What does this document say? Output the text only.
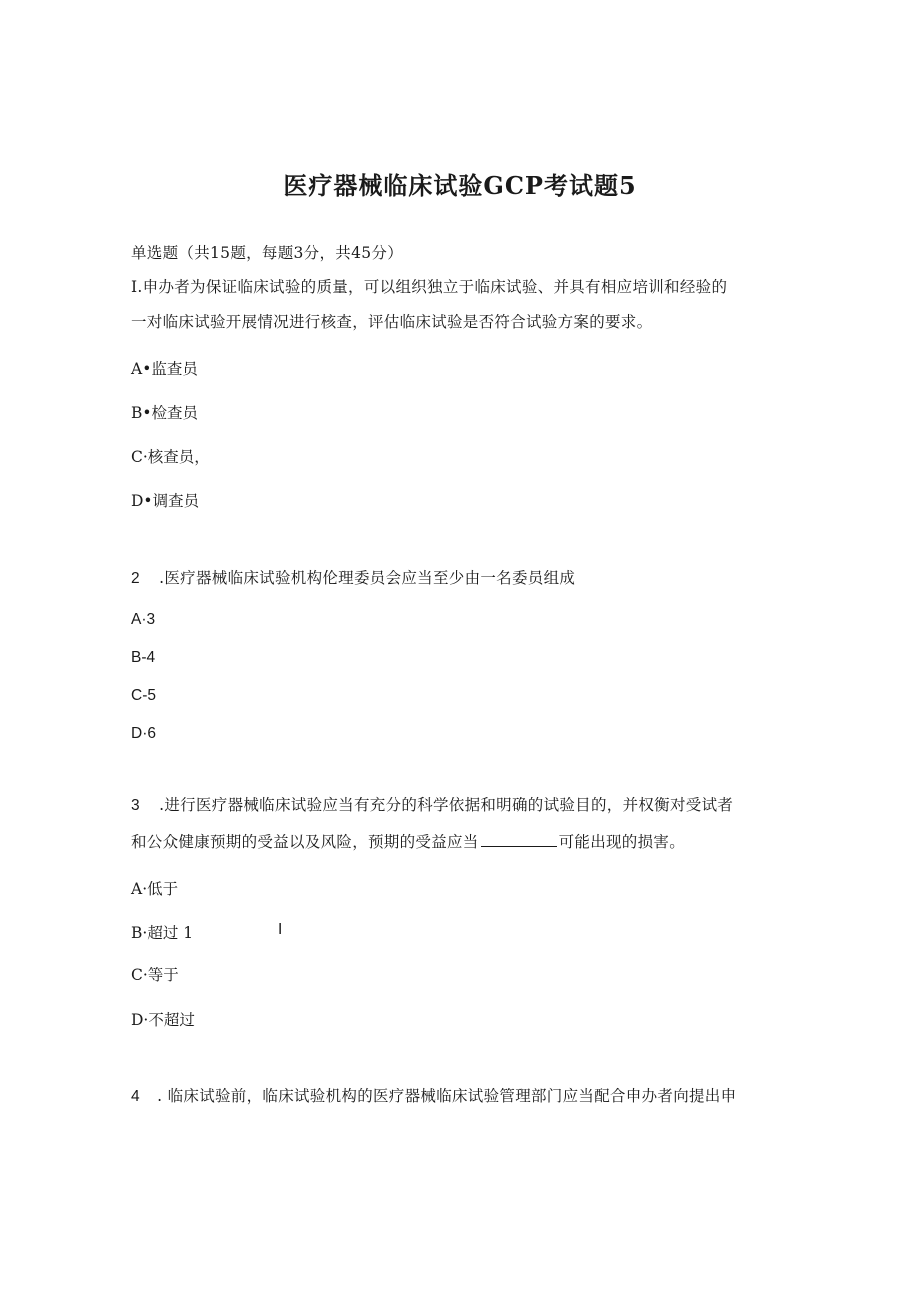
医疗器械临床试验GCP考试题5
单选题（共15题，每题3分，共45分）
I.申办者为保证临床试验的质量，可以组织独立于临床试验、并具有相应培训和经验的
一对临床试验开展情况进行核查，评估临床试验是否符合试验方案的要求。
A•监查员
B•检查员
C·核查员，
D•调查员
2 .医疗器械临床试验机构伦理委员会应当至少由一名委员组成
A·3
B-4
C-5
D·6
3 .进行医疗器械临床试验应当有充分的科学依据和明确的试验目的，并权衡对受试者
和公众健康预期的受益以及风险，预期的受益应当	可能出现的损害。
A·低于
B·超过 1	I
C·等于
D·不超过
4 . 临床试验前，临床试验机构的医疗器械临床试验管理部门应当配合申办者向提出申
